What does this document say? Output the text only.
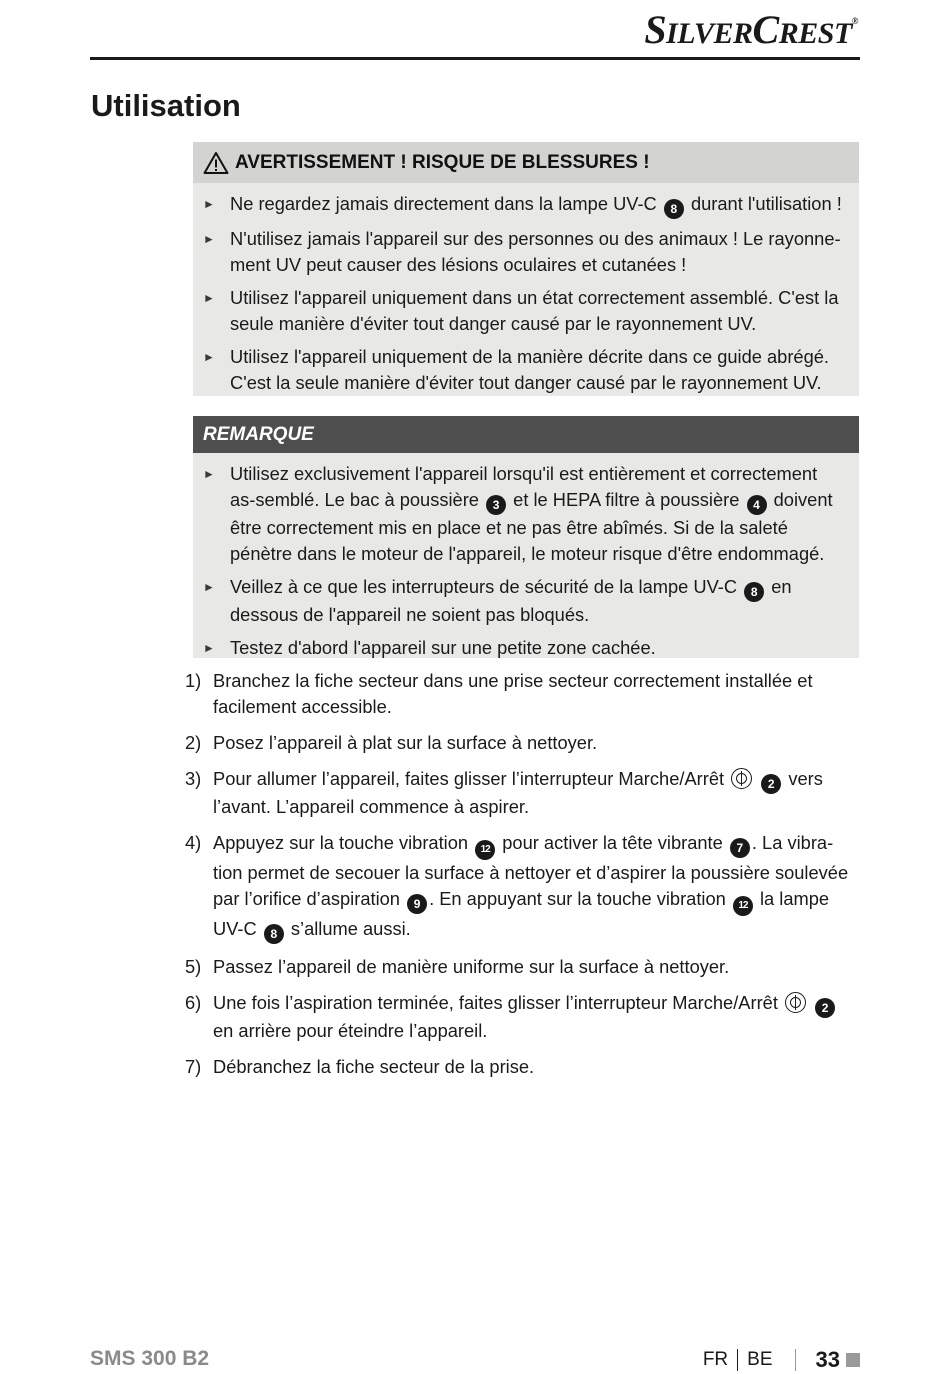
SILVERCREST®
Utilisation
AVERTISSEMENT ! RISQUE DE BLESSURES !
► Ne regardez jamais directement dans la lampe UV-C 8 durant l'utilisation !
► N'utilisez jamais l'appareil sur des personnes ou des animaux ! Le rayonne-ment UV peut causer des lésions oculaires et cutanées !
► Utilisez l'appareil uniquement dans un état correctement assemblé. C'est la seule manière d'éviter tout danger causé par le rayonnement UV.
► Utilisez l'appareil uniquement de la manière décrite dans ce guide abrégé. C'est la seule manière d'éviter tout danger causé par le rayonnement UV.
REMARQUE
► Utilisez exclusivement l'appareil lorsqu'il est entièrement et correctement as-semblé. Le bac à poussière 3 et le HEPA filtre à poussière 4 doivent être correctement mis en place et ne pas être abîmés. Si de la saleté pénètre dans le moteur de l'appareil, le moteur risque d'être endommagé.
► Veillez à ce que les interrupteurs de sécurité de la lampe UV-C 8 en dessous de l'appareil ne soient pas bloqués.
► Testez d'abord l'appareil sur une petite zone cachée.
1) Branchez la fiche secteur dans une prise secteur correctement installée et facilement accessible.
2) Posez l’appareil à plat sur la surface à nettoyer.
3) Pour allumer l’appareil, faites glisser l’interrupteur Marche/Arrêt	2 vers l’avant. L’appareil commence à aspirer.
4) Appuyez sur la touche vibration 12 pour activer la tête vibrante 7 . La vibra-tion permet de secouer la surface à nettoyer et d’aspirer la poussière soulevée par l’orifice d’aspiration 9 . En appuyant sur la touche vibration 12 la lampe UV-C 8 s’allume aussi.
5) Passez l’appareil de manière uniforme sur la surface à nettoyer.
6) Une fois l’aspiration terminée, faites glisser l’interrupteur Marche/Arrêt	2 en arrière pour éteindre l’appareil.
7) Débranchez la fiche secteur de la prise.
SMS 300 B2	FR BE 33
